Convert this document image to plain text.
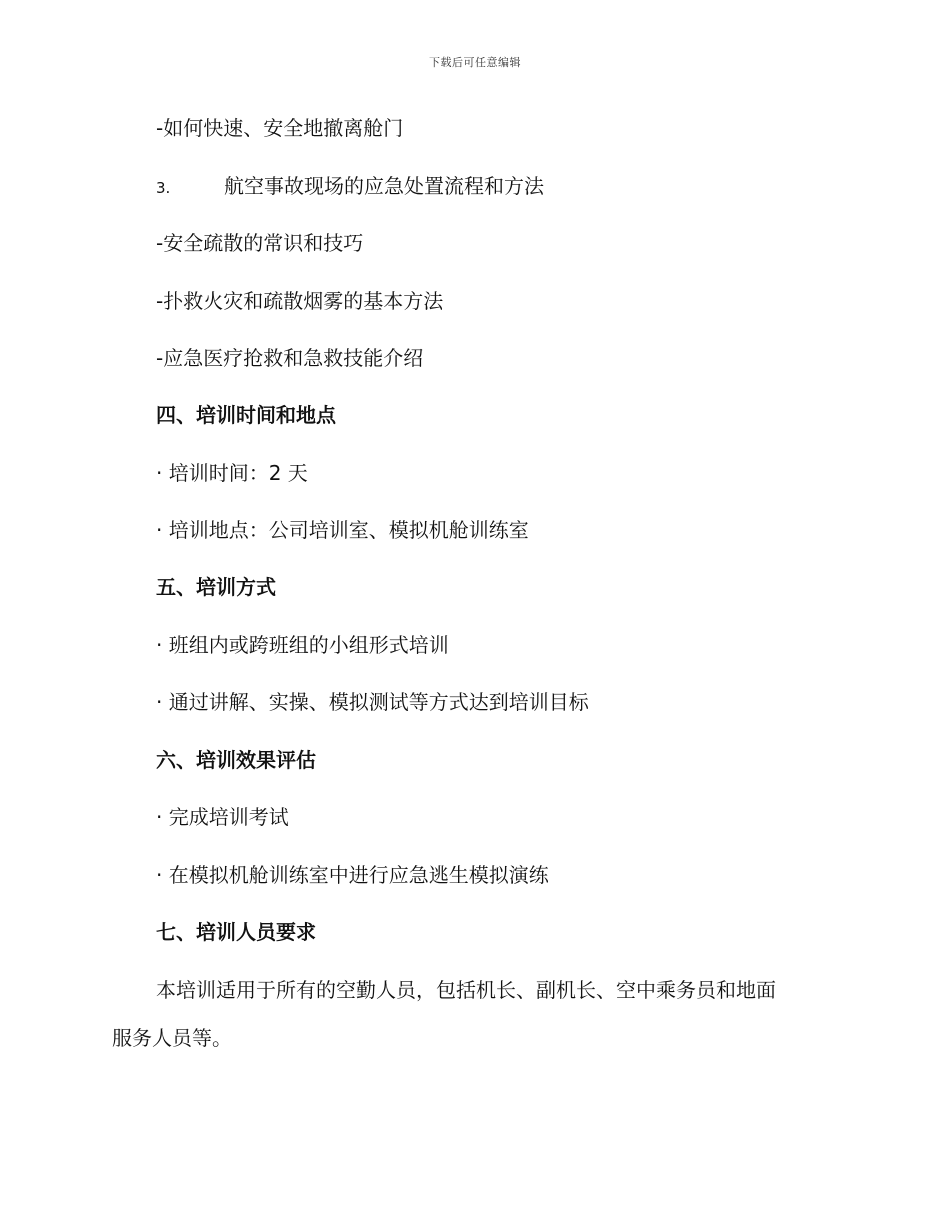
下载后可任意编辑
-如何快速、安全地撤离舱门
3.	航空事故现场的应急处置流程和方法
-安全疏散的常识和技巧
-扑救火灾和疏散烟雾的基本方法
-应急医疗抢救和急救技能介绍
四、培训时间和地点
· 培训时间：2 天
· 培训地点：公司培训室、模拟机舱训练室
五、培训方式
· 班组内或跨班组的小组形式培训
· 通过讲解、实操、模拟测试等方式达到培训目标
六、培训效果评估
· 完成培训考试
· 在模拟机舱训练室中进行应急逃生模拟演练
七、培训人员要求
本培训适用于所有的空勤人员，包括机长、副机长、空中乘务员和地面
服务人员等。
